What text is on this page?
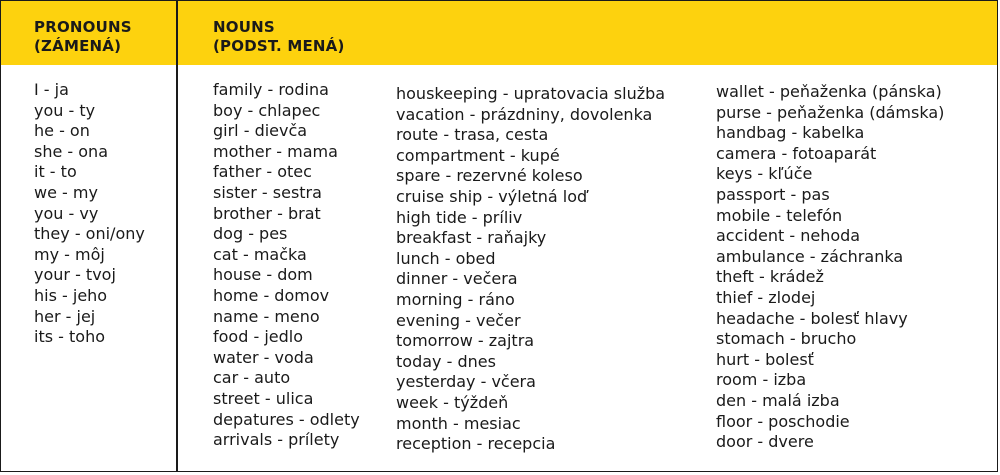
PRONOUNS
(ZÁMENÁ)
NOUNS
(PODST. MENÁ)
I - ja
you - ty
he - on
she - ona
it - to
we - my
you - vy
they - oni/ony
my - môj
your - tvoj
his - jeho
her - jej
its - toho
family - rodina
boy - chlapec
girl - dievča
mother - mama
father - otec
sister - sestra
brother - brat
dog - pes
cat - mačka
house - dom
home - domov
name - meno
food - jedlo
water - voda
car - auto
street - ulica
depatures - odlety
arrivals - prílety
houskeeping - upratovacia služba
vacation - prázdniny, dovolenka
route - trasa, cesta
compartment - kupé
spare - rezervné koleso
cruise ship - výletná loď
high tide - príliv
breakfast - raňajky
lunch - obed
dinner - večera
morning - ráno
evening - večer
tomorrow - zajtra
today - dnes
yesterday - včera
week - týždeň
month - mesiac
reception - recepcia
wallet - peňaženka (pánska)
purse - peňaženka (dámska)
handbag - kabelka
camera - fotoaparát
keys - kľúče
passport - pas
mobile - telefón
accident - nehoda
ambulance - záchranka
theft - krádež
thief - zlodej
headache - bolesť hlavy
stomach - brucho
hurt - bolesť
room - izba
den - malá izba
floor - poschodie
door - dvere
